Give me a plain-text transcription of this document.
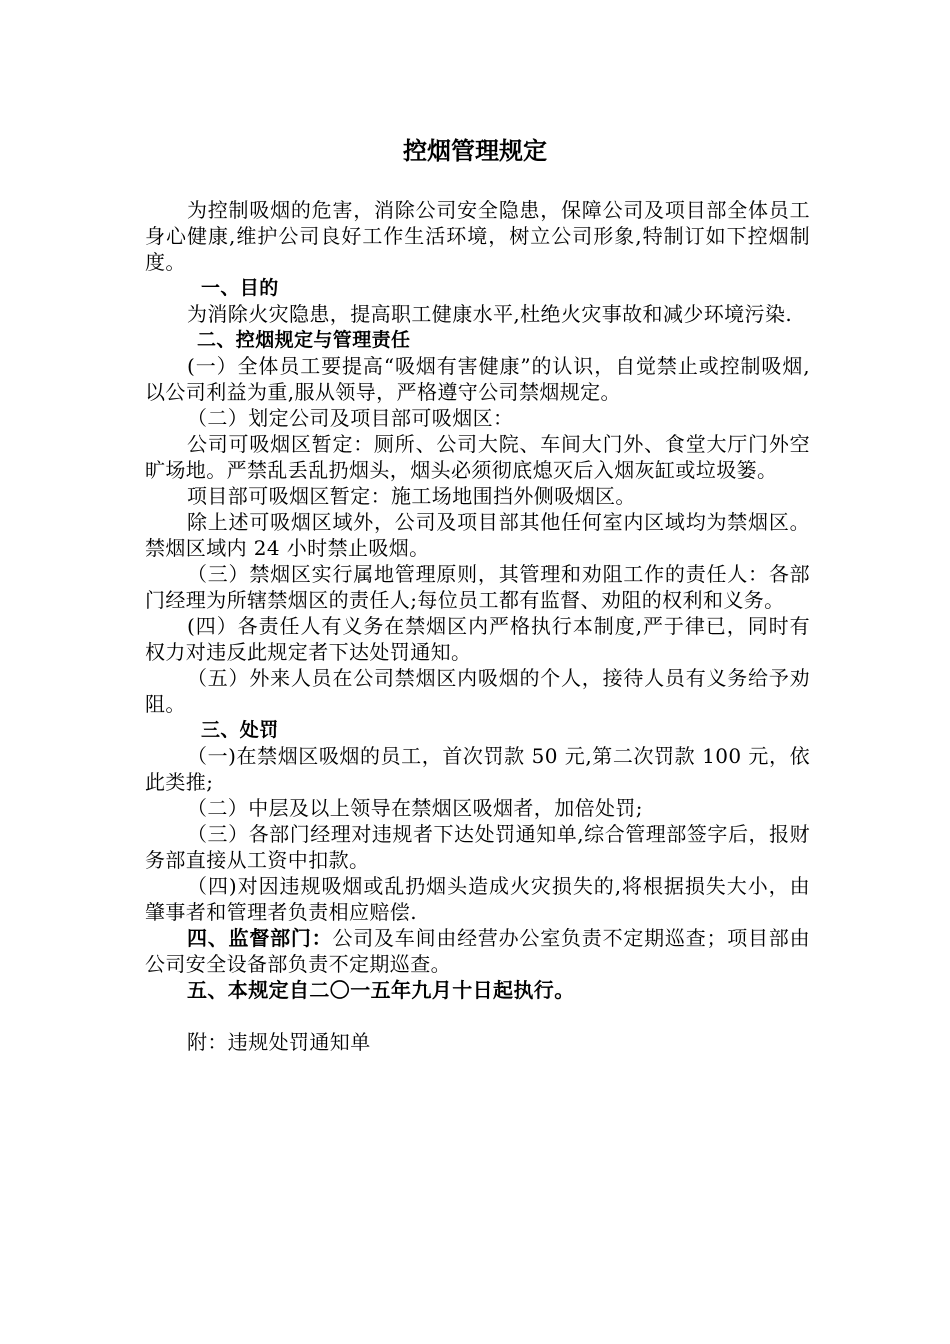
控烟管理规定

为控制吸烟的危害，消除公司安全隐患，保障公司及项目部全体员工身心健康,维护公司良好工作生活环境，树立公司形象,特制订如下控烟制度。

一、目的

为消除火灾隐患，提高职工健康水平,杜绝火灾事故和减少环境污染.

二、控烟规定与管理责任

(一）全体员工要提高“吸烟有害健康”的认识，自觉禁止或控制吸烟,以公司利益为重,服从领导，严格遵守公司禁烟规定。

（二）划定公司及项目部可吸烟区：

公司可吸烟区暂定：厕所、公司大院、车间大门外、食堂大厅门外空旷场地。严禁乱丢乱扔烟头，烟头必须彻底熄灭后入烟灰缸或垃圾篓。

项目部可吸烟区暂定：施工场地围挡外侧吸烟区。

除上述可吸烟区域外，公司及项目部其他任何室内区域均为禁烟区。禁烟区域内 24 小时禁止吸烟。

（三）禁烟区实行属地管理原则，其管理和劝阻工作的责任人：各部门经理为所辖禁烟区的责任人;每位员工都有监督、劝阻的权利和义务。

(四）各责任人有义务在禁烟区内严格执行本制度,严于律已，同时有权力对违反此规定者下达处罚通知。

（五）外来人员在公司禁烟区内吸烟的个人，接待人员有义务给予劝阻。

三、处罚

（一)在禁烟区吸烟的员工，首次罚款 50 元,第二次罚款 100 元，依此类推;

（二）中层及以上领导在禁烟区吸烟者，加倍处罚;

（三）各部门经理对违规者下达处罚通知单,综合管理部签字后，报财务部直接从工资中扣款。

（四)对因违规吸烟或乱扔烟头造成火灾损失的,将根据损失大小，由肇事者和管理者负责相应赔偿.

四、监督部门：公司及车间由经营办公室负责不定期巡查；项目部由公司安全设备部负责不定期巡查。

五、本规定自二〇一五年九月十日起执行。

附：违规处罚通知单
